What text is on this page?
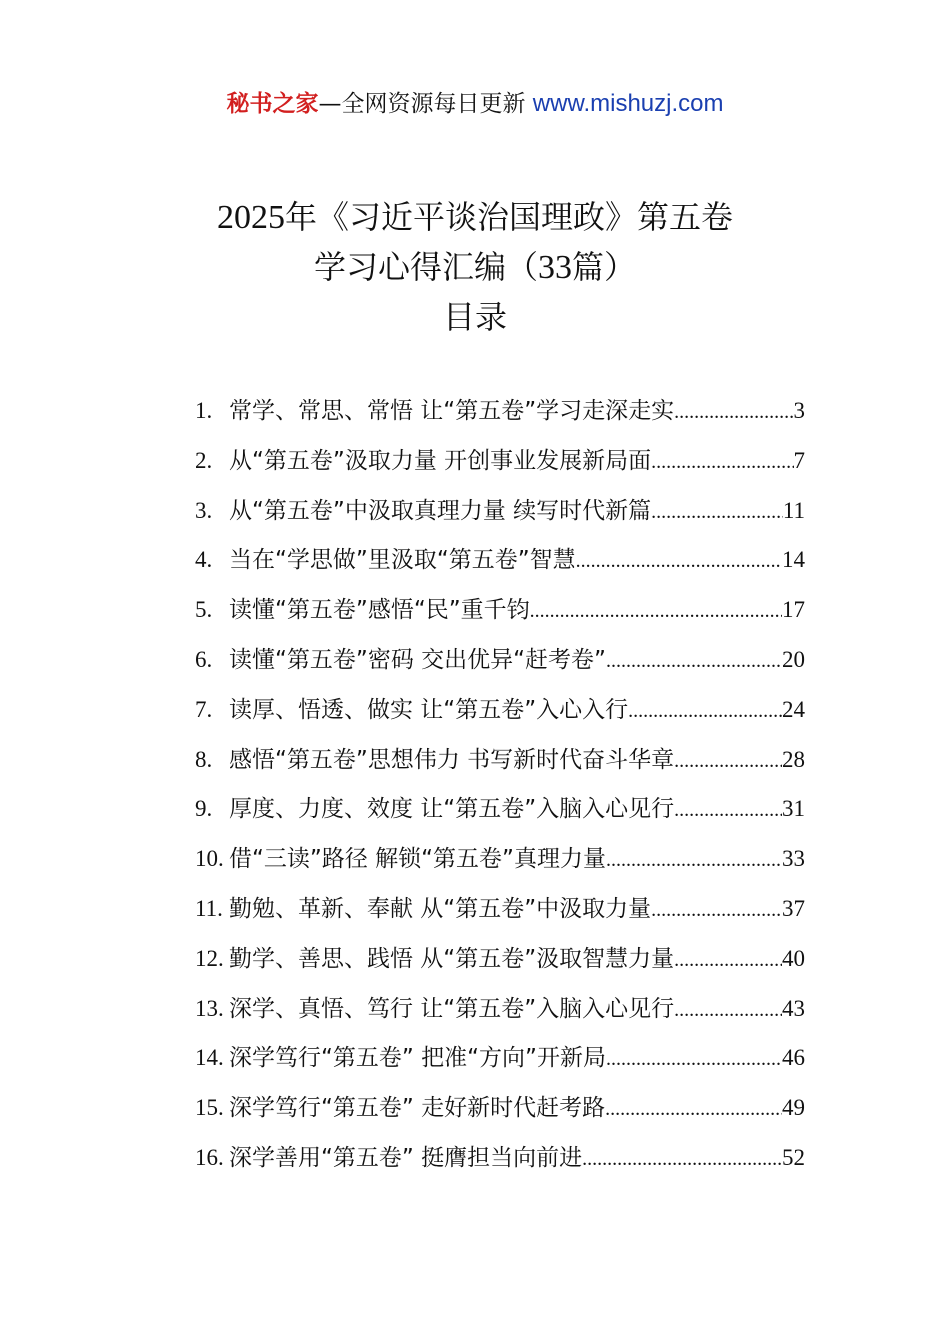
秘书之家—全网资源每日更新 www.mishuzj.com
2025年《习近平谈治国理政》第五卷
学习心得汇编（33篇）
目录
1. 常学、常思、常悟 让“第五卷”学习走深走实 .....	3
2. 从“第五卷”汲取力量 开创事业发展新局面 .....	7
3. 从“第五卷”中汲取真理力量 续写时代新篇 .....	11
4. 当在“学思做”里汲取“第五卷”智慧 .....	14
5. 读懂“第五卷”感悟“民”重千钧 .....	17
6. 读懂“第五卷”密码 交出优异“赶考卷” .....	20
7. 读厚、悟透、做实 让“第五卷”入心入行 .....	24
8. 感悟“第五卷”思想伟力 书写新时代奋斗华章 .....	28
9. 厚度、力度、效度 让“第五卷”入脑入心见行 .....	31
10. 借“三读”路径 解锁“第五卷”真理力量 .....	33
11. 勤勉、革新、奉献 从“第五卷”中汲取力量 .....	37
12. 勤学、善思、践悟 从“第五卷”汲取智慧力量 .....	40
13. 深学、真悟、笃行 让“第五卷”入脑入心见行 .....	43
14. 深学笃行“第五卷” 把准“方向”开新局 .....	46
15. 深学笃行“第五卷” 走好新时代赶考路 .....	49
16. 深学善用“第五卷” 挺膺担当向前进 .....	52
